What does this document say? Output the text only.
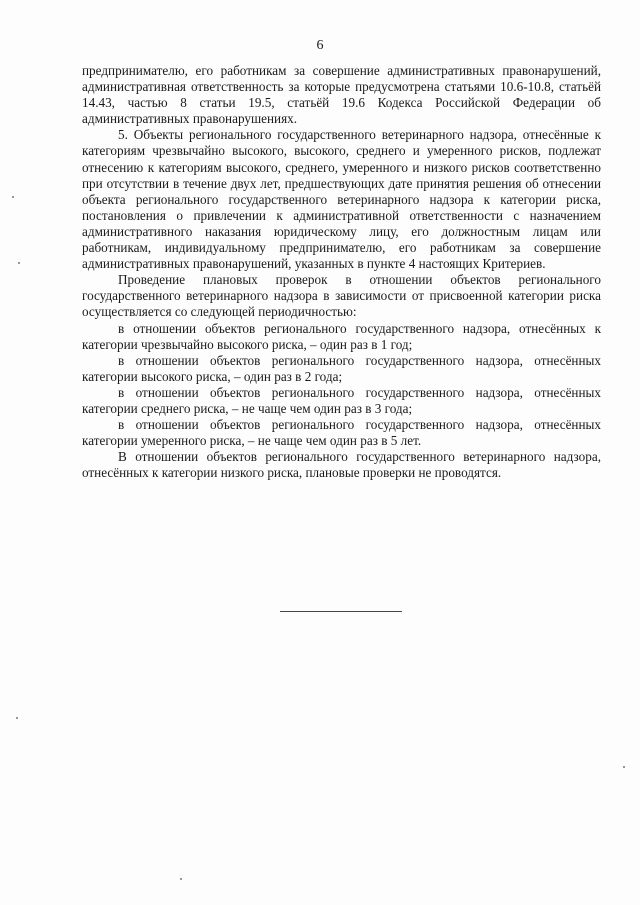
6

предпринимателю, его работникам за совершение административных правонарушений, административная ответственность за которые предусмотрена статьями 10.6-10.8, статьёй 14.43, частью 8 статьи 19.5, статьёй 19.6 Кодекса Российской Федерации об административных правонарушениях.

5. Объекты регионального государственного ветеринарного надзора, отнесённые к категориям чрезвычайно высокого, высокого, среднего и умеренного рисков, подлежат отнесению к категориям высокого, среднего, умеренного и низкого рисков соответственно при отсутствии в течение двух лет, предшествующих дате принятия решения об отнесении объекта регионального государственного ветеринарного надзора к категории риска, постановления о привлечении к административной ответственности с назначением административного наказания юридическому лицу, его должностным лицам или работникам, индивидуальному предпринимателю, его работникам за совершение административных правонарушений, указанных в пункте 4 настоящих Критериев.

Проведение плановых проверок в отношении объектов регионального государственного ветеринарного надзора в зависимости от присвоенной категории риска осуществляется со следующей периодичностью:

в отношении объектов регионального государственного надзора, отнесённых к категории чрезвычайно высокого риска, – один раз в 1 год;

в отношении объектов регионального государственного надзора, отнесённых категории высокого риска, – один раз в 2 года;

в отношении объектов регионального государственного надзора, отнесённых категории среднего риска, – не чаще чем один раз в 3 года;

в отношении объектов регионального государственного надзора, отнесённых категории умеренного риска, – не чаще чем один раз в 5 лет.

В отношении объектов регионального государственного ветеринарного надзора, отнесённых к категории низкого риска, плановые проверки не проводятся.
